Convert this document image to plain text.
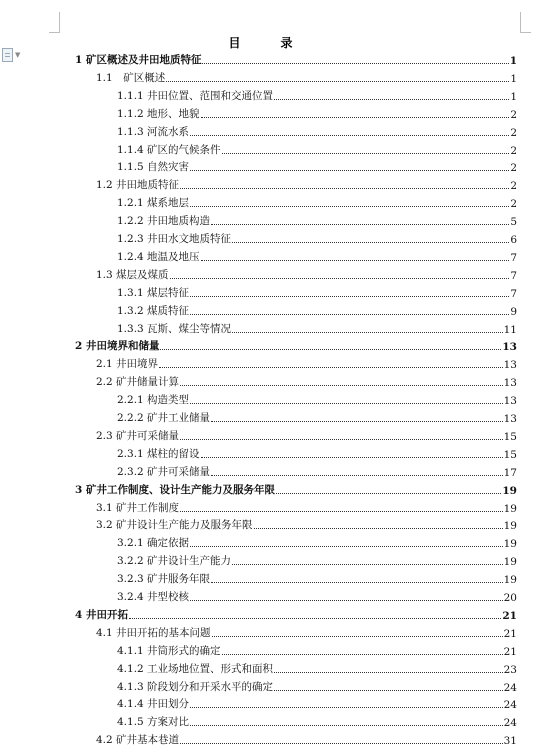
▼
目　录
1 矿区概述及井田地质特征	1
1.1　矿区概述	1
1.1.1 井田位置、范围和交通位置	1
1.1.2 地形、地貌	2
1.1.3 河流水系	2
1.1.4 矿区的气候条件	2
1.1.5 自然灾害	2
1.2 井田地质特征	2
1.2.1 煤系地层	2
1.2.2 井田地质构造	5
1.2.3 井田水文地质特征	6
1.2.4 地温及地压	7
1.3 煤层及煤质	7
1.3.1 煤层特征	7
1.3.2 煤质特征	9
1.3.3 瓦斯、煤尘等情况	11
2 井田境界和储量	13
2.1 井田境界	13
2.2 矿井储量计算	13
2.2.1 构造类型	13
2.2.2 矿井工业储量	13
2.3 矿井可采储量	15
2.3.1 煤柱的留设	15
2.3.2 矿井可采储量	17
3 矿井工作制度、设计生产能力及服务年限	19
3.1 矿井工作制度	19
3.2 矿井设计生产能力及服务年限	19
3.2.1 确定依据	19
3.2.2 矿井设计生产能力	19
3.2.3 矿井服务年限	19
3.2.4 井型校核	20
4 井田开拓	21
4.1 井田开拓的基本问题	21
4.1.1 井筒形式的确定	21
4.1.2 工业场地位置、形式和面积	23
4.1.3 阶段划分和开采水平的确定	24
4.1.4 井田划分	24
4.1.5 方案对比	24
4.2 矿井基本巷道	31
